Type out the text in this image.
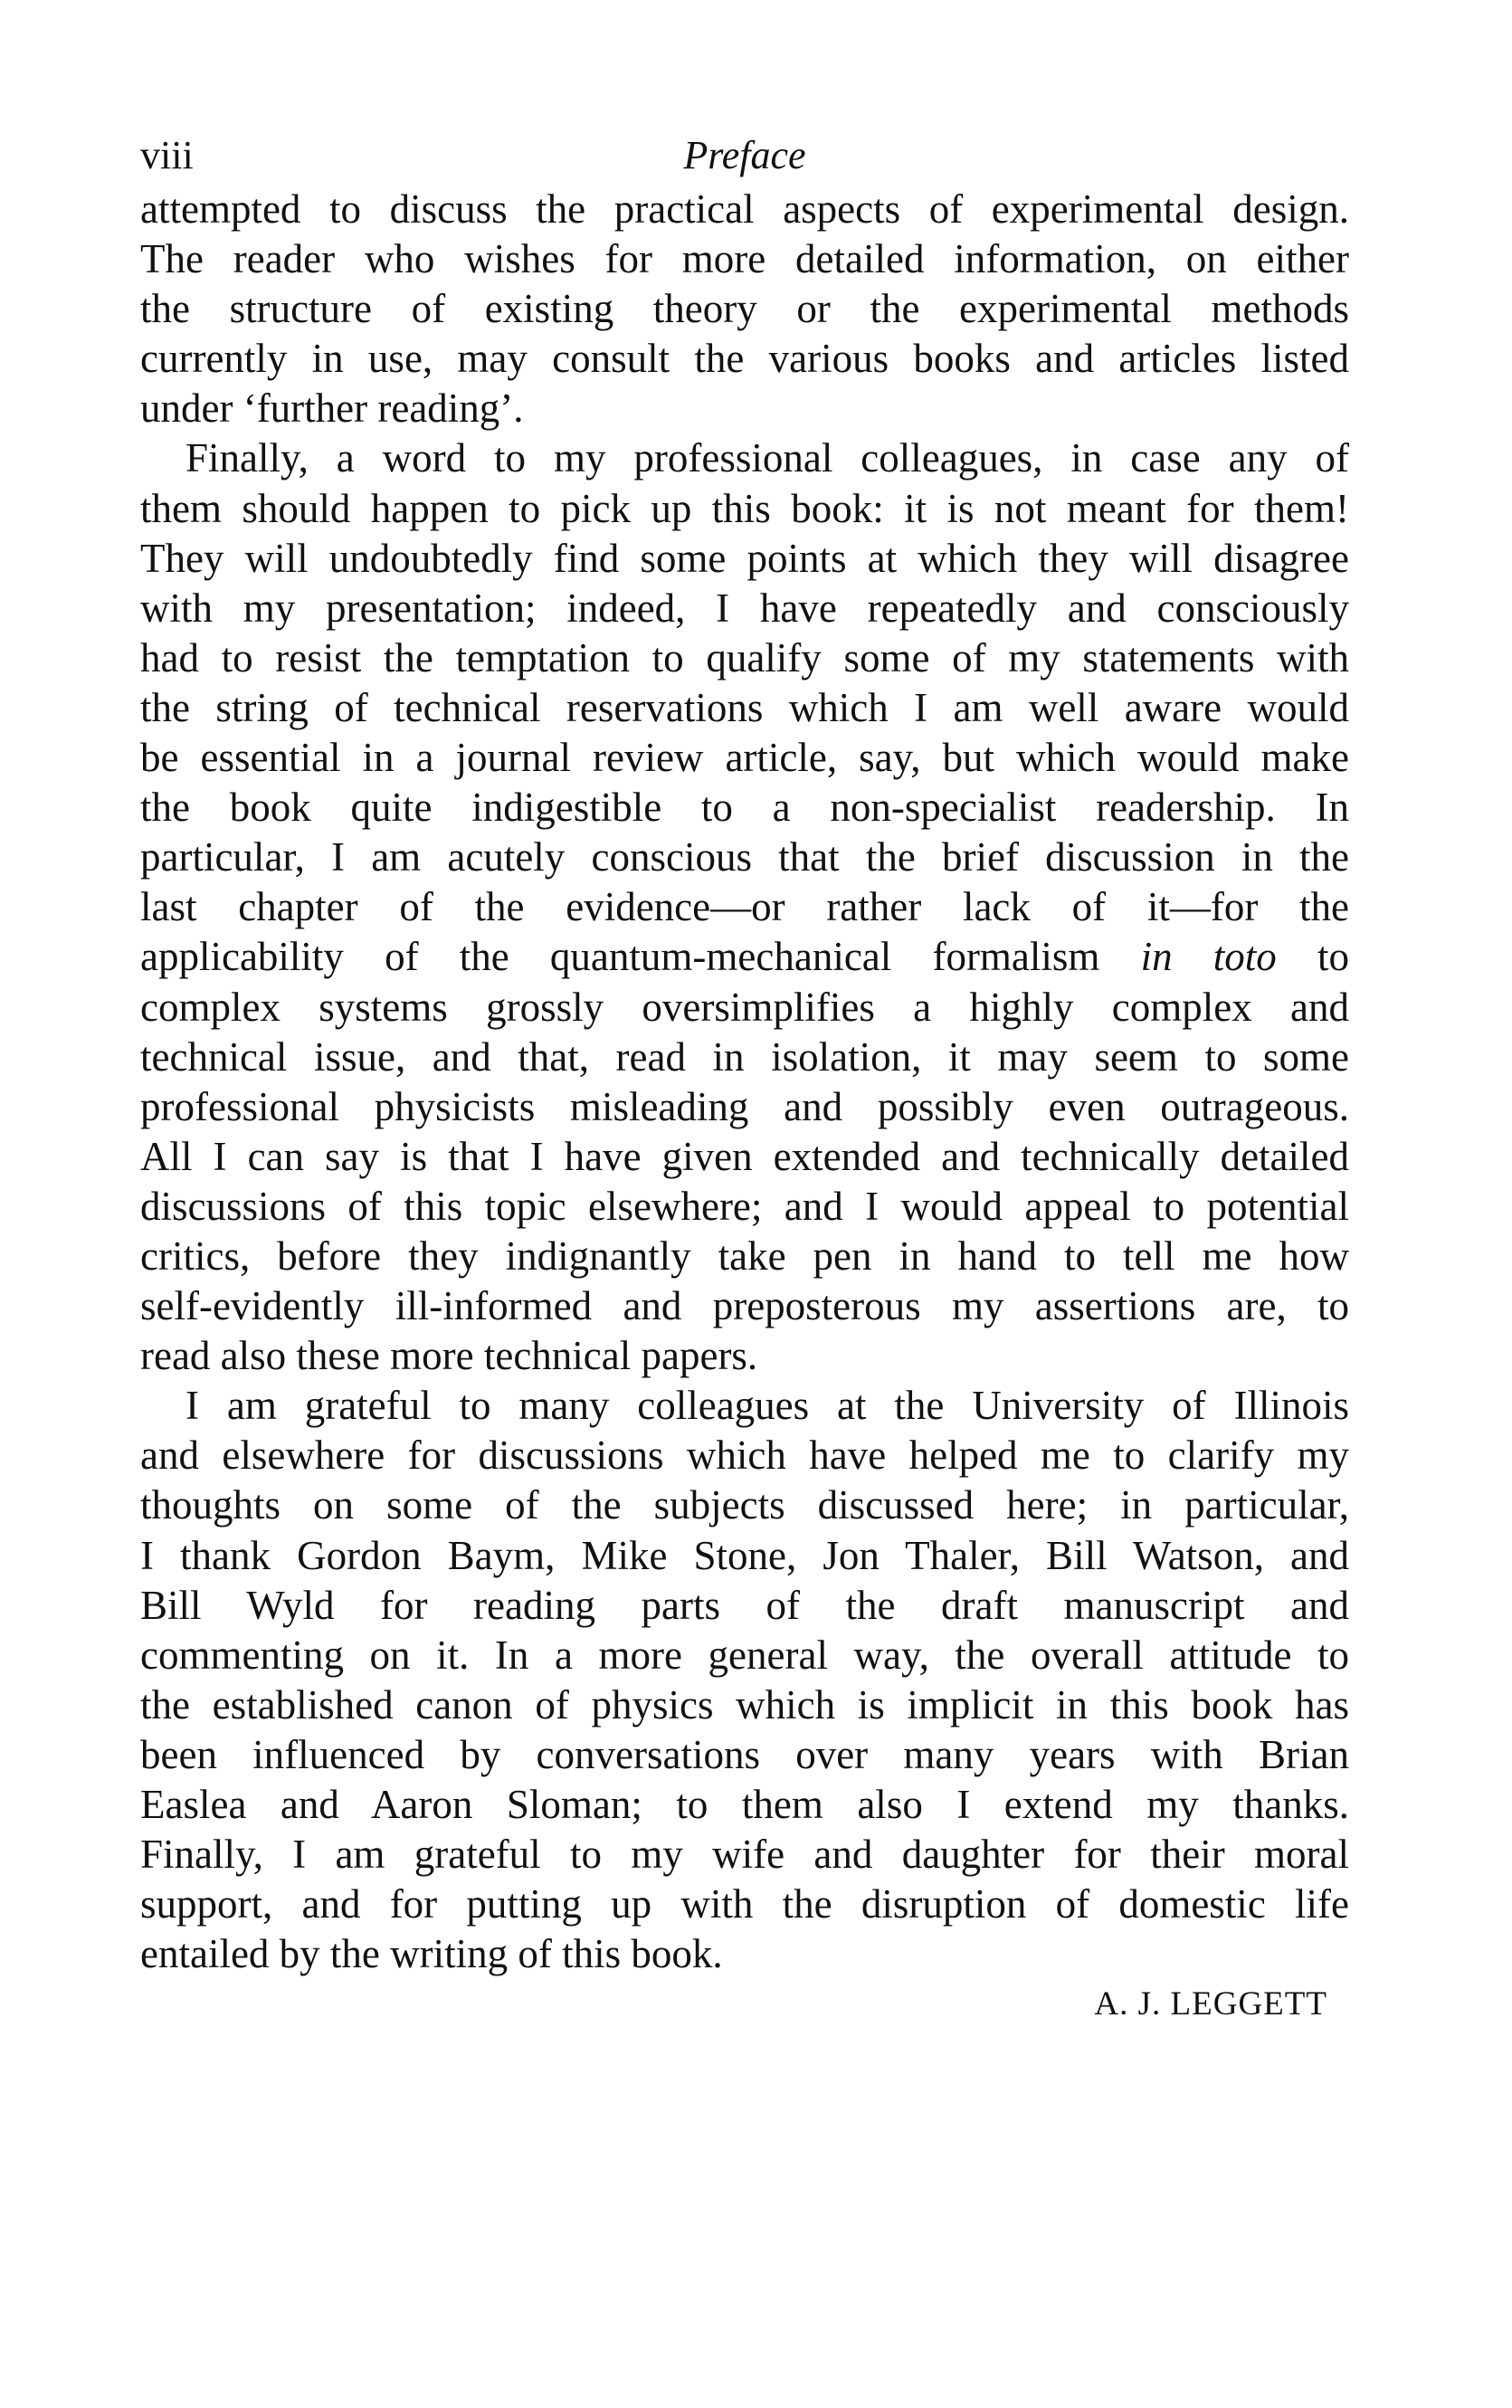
viii	Preface
attempted to discuss the practical aspects of experimental design.
The reader who wishes for more detailed information, on either
the structure of existing theory or the experimental methods
currently in use, may consult the various books and articles listed
under ‘further reading’.
Finally, a word to my professional colleagues, in case any of
them should happen to pick up this book: it is not meant for them!
They will undoubtedly find some points at which they will disagree
with my presentation; indeed, I have repeatedly and consciously
had to resist the temptation to qualify some of my statements with
the string of technical reservations which I am well aware would
be essential in a journal review article, say, but which would make
the book quite indigestible to a non-specialist readership. In
particular, I am acutely conscious that the brief discussion in the
last chapter of the evidence—or rather lack of it—for the
applicability of the quantum-mechanical formalism in toto to
complex systems grossly oversimplifies a highly complex and
technical issue, and that, read in isolation, it may seem to some
professional physicists misleading and possibly even outrageous.
All I can say is that I have given extended and technically detailed
discussions of this topic elsewhere; and I would appeal to potential
critics, before they indignantly take pen in hand to tell me how
self-evidently ill-informed and preposterous my assertions are, to
read also these more technical papers.
I am grateful to many colleagues at the University of Illinois
and elsewhere for discussions which have helped me to clarify my
thoughts on some of the subjects discussed here; in particular,
I thank Gordon Baym, Mike Stone, Jon Thaler, Bill Watson, and
Bill Wyld for reading parts of the draft manuscript and
commenting on it. In a more general way, the overall attitude to
the established canon of physics which is implicit in this book has
been influenced by conversations over many years with Brian
Easlea and Aaron Sloman; to them also I extend my thanks.
Finally, I am grateful to my wife and daughter for their moral
support, and for putting up with the disruption of domestic life
entailed by the writing of this book.
A. J. LEGGETT
